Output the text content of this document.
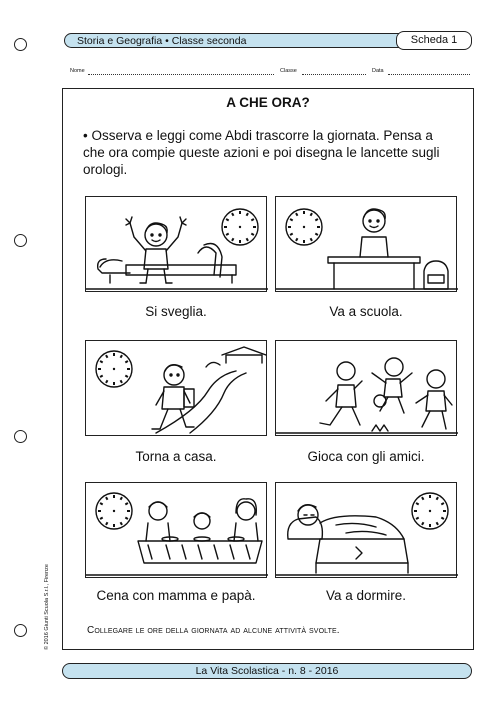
Storia e Geografia • Classe seconda	Scheda 1
Nome	Classe	Data
A CHE ORA?
• Osserva e leggi come Abdi trascorre la giornata. Pensa a che ora compie queste azioni e poi disegna le lancette sugli orologi.
Si sveglia.	Va a scuola.
Torna a casa.	Gioca con gli amici.
Cena con mamma e papà.	Va a dormire.
Collegare le ore della giornata ad alcune attività svolte.
© 2016 Giunti Scuola S.r.l., Firenze
La Vita Scolastica - n. 8 - 2016
